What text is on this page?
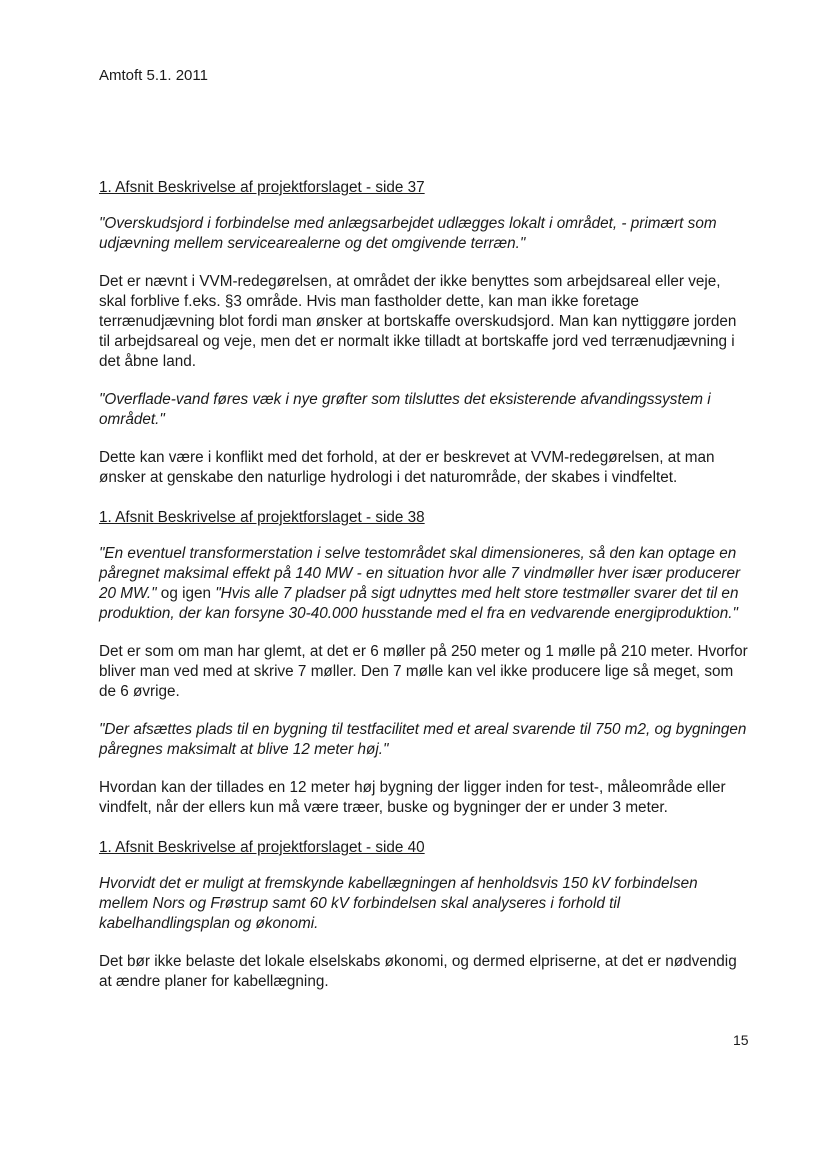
Amtoft 5.1. 2011
1. Afsnit Beskrivelse af projektforslaget - side 37

"Overskudsjord i forbindelse med anlægsarbejdet udlægges lokalt i området, - primært som udjævning mellem servicearealerne og det omgivende terræn."

Det er nævnt i VVM-redegørelsen, at området der ikke benyttes som arbejdsareal eller veje, skal forblive f.eks. §3 område. Hvis man fastholder dette, kan man ikke foretage terrænudjævning blot fordi man ønsker at bortskaffe overskudsjord. Man kan nyttiggøre jorden til arbejdsareal og veje, men det er normalt ikke tilladt at bortskaffe jord ved terrænudjævning i det åbne land.

"Overflade-vand føres væk i nye grøfter som tilsluttes det eksisterende afvandingssystem i området."

Dette kan være i konflikt med det forhold, at der er beskrevet at VVM-redegørelsen, at man ønsker at genskabe den naturlige hydrologi i det naturområde, der skabes i vindfeltet.

1. Afsnit Beskrivelse af projektforslaget - side 38

"En eventuel transformerstation i selve testområdet skal dimensioneres, så den kan optage en påregnet maksimal effekt på 140 MW - en situation hvor alle 7 vindmøller hver især producerer 20 MW." og igen "Hvis alle 7 pladser på sigt udnyttes med helt store testmøller svarer det til en produktion, der kan forsyne 30-40.000 husstande med el fra en vedvarende energiproduktion."

Det er som om man har glemt, at det er 6 møller på 250 meter og 1 mølle på 210 meter. Hvorfor bliver man ved med at skrive 7 møller. Den 7 mølle kan vel ikke producere lige så meget, som de 6 øvrige.

"Der afsættes plads til en bygning til testfacilitet med et areal svarende til 750 m2, og bygningen påregnes maksimalt at blive 12 meter høj."

Hvordan kan der tillades en 12 meter høj bygning der ligger inden for test-, måleområde eller vindfelt, når der ellers kun må være træer, buske og bygninger der er under 3 meter.

1. Afsnit Beskrivelse af projektforslaget - side 40

Hvorvidt det er muligt at fremskynde kabellægningen af henholdsvis 150 kV forbindelsen mellem Nors og Frøstrup samt 60 kV forbindelsen skal analyseres i forhold til kabelhandlingsplan og økonomi.

Det bør ikke belaste det lokale elselskabs økonomi, og dermed elpriserne, at det er nødvendig at ændre planer for kabellægning.

15
